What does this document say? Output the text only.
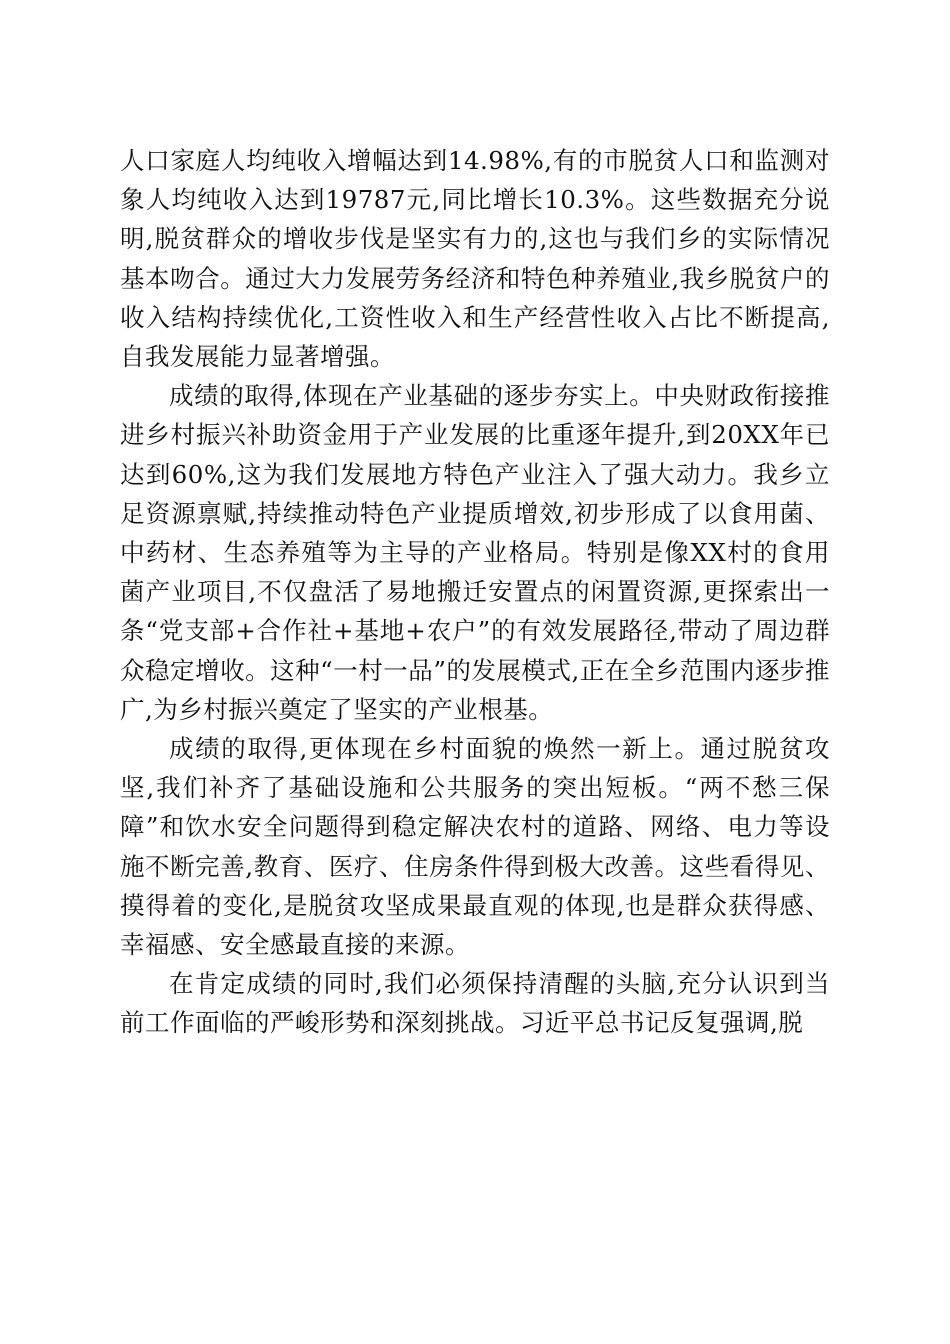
人口家庭人均纯收入增幅达到14.98%,有的市脱贫人口和监测对象人均纯收入达到19787元,同比增长10.3%。这些数据充分说明,脱贫群众的增收步伐是坚实有力的,这也与我们乡的实际情况基本吻合。通过大力发展劳务经济和特色种养殖业,我乡脱贫户的收入结构持续优化,工资性收入和生产经营性收入占比不断提高,自我发展能力显著增强。

成绩的取得,体现在产业基础的逐步夯实上。中央财政衔接推进乡村振兴补助资金用于产业发展的比重逐年提升,到20XX年已达到60%,这为我们发展地方特色产业注入了强大动力。我乡立足资源禀赋,持续推动特色产业提质增效,初步形成了以食用菌、中药材、生态养殖等为主导的产业格局。特别是像XX村的食用菌产业项目,不仅盘活了易地搬迁安置点的闲置资源,更探索出一条“党支部+合作社+基地+农户”的有效发展路径,带动了周边群众稳定增收。这种“一村一品”的发展模式,正在全乡范围内逐步推广,为乡村振兴奠定了坚实的产业根基。

成绩的取得,更体现在乡村面貌的焕然一新上。通过脱贫攻坚,我们补齐了基础设施和公共服务的突出短板。“两不愁三保障”和饮水安全问题得到稳定解决农村的道路、网络、电力等设施不断完善,教育、医疗、住房条件得到极大改善。这些看得见、摸得着的变化,是脱贫攻坚成果最直观的体现,也是群众获得感、幸福感、安全感最直接的来源。

在肯定成绩的同时,我们必须保持清醒的头脑,充分认识到当前工作面临的严峻形势和深刻挑战。习近平总书记反复强调,脱
